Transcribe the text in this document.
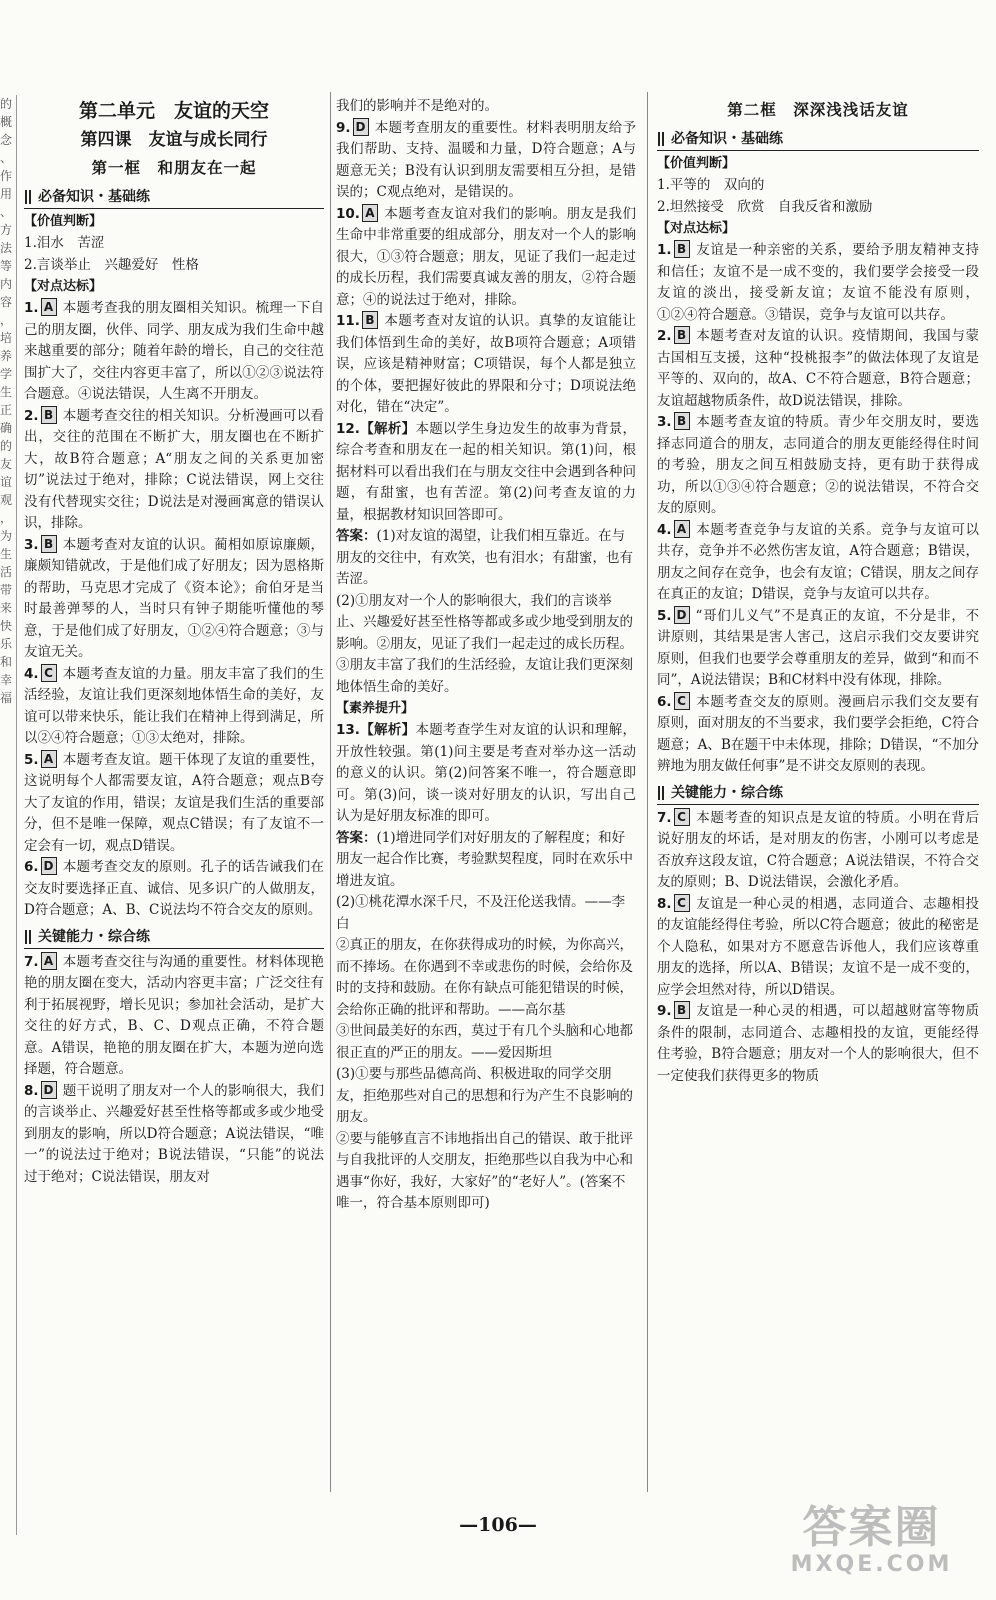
的 概 念 、 作 用 、 方 法 等 内 容 ， 培 养 学 生 正 确 的 友 谊 观 ， 为 生 活 带 来 快 乐 和 幸 福
第二单元　友谊的天空
第四课　友谊与成长同行
第一框　和朋友在一起
必备知识・基础练
【价值判断】

1.泪水　苦涩

2.言谈举止　兴趣爱好　性格

【对点达标】

1. A 本题考查我的朋友圈相关知识。梳理一下自己的朋友圈，伙伴、同学、朋友成为我们生命中越来越重要的部分；随着年龄的增长，自己的交往范围扩大了，交往内容更丰富了，所以①②③说法符合题意。④说法错误，人生离不开朋友。

2. B 本题考查交往的相关知识。分析漫画可以看出，交往的范围在不断扩大，朋友圈也在不断扩大，故B符合题意；A“朋友之间的关系更加密切”说法过于绝对，排除；C说法错误，网上交往没有代替现实交往；D说法是对漫画寓意的错误认识，排除。

3. B 本题考查对友谊的认识。蔺相如原谅廉颇，廉颇知错就改，于是他们成了好朋友；因为恩格斯的帮助，马克思才完成了《资本论》；俞伯牙是当时最善弹琴的人，当时只有钟子期能听懂他的琴意，于是他们成了好朋友，①②④符合题意；③与友谊无关。

4. C 本题考查友谊的力量。朋友丰富了我们的生活经验，友谊让我们更深刻地体悟生命的美好，友谊可以带来快乐，能让我们在精神上得到满足，所以②④符合题意；①③太绝对，排除。

5. A 本题考查友谊。题干体现了友谊的重要性，这说明每个人都需要友谊，A符合题意；观点B夸大了友谊的作用，错误；友谊是我们生活的重要部分，但不是唯一保障，观点C错误；有了友谊不一定会有一切，观点D错误。

6. D 本题考查交友的原则。孔子的话告诫我们在交友时要选择正直、诚信、见多识广的人做朋友，D符合题意；A、B、C说法均不符合交友的原则。

关键能力・综合练

7. A 本题考查交往与沟通的重要性。材料体现艳艳的朋友圈在变大，活动内容更丰富；广泛交往有利于拓展视野，增长见识；参加社会活动，是扩大交往的好方式，B、C、D观点正确，不符合题意。A错误，艳艳的朋友圈在扩大，本题为逆向选择题，符合题意。

8. D 题干说明了朋友对一个人的影响很大，我们的言谈举止、兴趣爱好甚至性格等都或多或少地受到朋友的影响，所以D符合题意；A说法错误，“唯一”的说法过于绝对；B说法错误，“只能”的说法过于绝对；C说法错误，朋友对

我们的影响并不是绝对的。

9. D 本题考查朋友的重要性。材料表明朋友给予我们帮助、支持、温暖和力量，D符合题意；A与题意无关；B没有认识到朋友需要相互分担，是错误的；C观点绝对，是错误的。

10. A 本题考查友谊对我们的影响。朋友是我们生命中非常重要的组成部分，朋友对一个人的影响很大，①③符合题意；朋友，见证了我们一起走过的成长历程，我们需要真诚友善的朋友，②符合题意；④的说法过于绝对，排除。

11. B 本题考查对友谊的认识。真挚的友谊能让我们体悟到生命的美好，故B项符合题意；A项错误，应该是精神财富；C项错误，每个人都是独立的个体，要把握好彼此的界限和分寸；D项说法绝对化，错在“决定”。

12.【解析】本题以学生身边发生的故事为背景，综合考查和朋友在一起的相关知识。第(1)问，根据材料可以看出我们在与朋友交往中会遇到各种问题，有甜蜜，也有苦涩。第(2)问考查友谊的力量，根据教材知识回答即可。

答案：(1)对友谊的渴望，让我们相互靠近。在与朋友的交往中，有欢笑，也有泪水；有甜蜜，也有苦涩。

(2)①朋友对一个人的影响很大，我们的言谈举止、兴趣爱好甚至性格等都或多或少地受到朋友的影响。②朋友，见证了我们一起走过的成长历程。③朋友丰富了我们的生活经验，友谊让我们更深刻地体悟生命的美好。

【素养提升】

13.【解析】本题考查学生对友谊的认识和理解，开放性较强。第(1)问主要是考查对举办这一活动的意义的认识。第(2)问答案不唯一，符合题意即可。第(3)问，谈一谈对好朋友的认识，写出自己认为是好朋友标准的即可。

答案：(1)增进同学们对好朋友的了解程度；和好朋友一起合作比赛，考验默契程度，同时在欢乐中增进友谊。

(2)①桃花潭水深千尺，不及汪伦送我情。——李白

②真正的朋友，在你获得成功的时候，为你高兴，而不捧场。在你遇到不幸或悲伤的时候，会给你及时的支持和鼓励。在你有缺点可能犯错误的时候，会给你正确的批评和帮助。——高尔基

③世间最美好的东西，莫过于有几个头脑和心地都很正直的严正的朋友。——爱因斯坦

(3)①要与那些品德高尚、积极进取的同学交朋友，拒绝那些对自己的思想和行为产生不良影响的朋友。

②要与能够直言不讳地指出自己的错误、敢于批评与自我批评的人交朋友，拒绝那些以自我为中心和遇事“你好，我好，大家好”的“老好人”。(答案不唯一，符合基本原则即可)

第二框　深深浅浅话友谊
必备知识・基础练
【价值判断】

1.平等的　双向的

2.坦然接受　欣赏　自我反省和激励

【对点达标】

1. B 友谊是一种亲密的关系，要给予朋友精神支持和信任；友谊不是一成不变的，我们要学会接受一段友谊的淡出，接受新友谊；友谊不能没有原则，①②④符合题意。③错误，竞争与友谊可以共存。

2. B 本题考查对友谊的认识。疫情期间，我国与蒙古国相互支援，这种“投桃报李”的做法体现了友谊是平等的、双向的，故A、C不符合题意，B符合题意；友谊超越物质条件，故D说法错误，排除。

3. B 本题考查友谊的特质。青少年交朋友时，要选择志同道合的朋友，志同道合的朋友更能经得住时间的考验，朋友之间互相鼓励支持，更有助于获得成功，所以①③④符合题意；②的说法错误，不符合交友的原则。

4. A 本题考查竞争与友谊的关系。竞争与友谊可以共存，竞争并不必然伤害友谊，A符合题意；B错误，朋友之间存在竞争，也会有友谊；C错误，朋友之间存在真正的友谊；D错误，竞争与友谊可以共存。

5. D “哥们儿义气”不是真正的友谊，不分是非，不讲原则，其结果是害人害己，这启示我们交友要讲究原则，但我们也要学会尊重朋友的差异，做到“和而不同”，A说法错误；B和C材料中没有体现，排除。

6. C 本题考查交友的原则。漫画启示我们交友要有原则，面对朋友的不当要求，我们要学会拒绝，C符合题意；A、B在题干中未体现，排除；D错误，“不加分辨地为朋友做任何事”是不讲交友原则的表现。

关键能力・综合练

7. C 本题考查的知识点是友谊的特质。小明在背后说好朋友的坏话，是对朋友的伤害，小刚可以考虑是否放弃这段友谊，C符合题意；A说法错误，不符合交友的原则；B、D说法错误，会激化矛盾。

8. C 友谊是一种心灵的相遇，志同道合、志趣相投的友谊能经得住考验，所以C符合题意；彼此的秘密是个人隐私，如果对方不愿意告诉他人，我们应该尊重朋友的选择，所以A、B错误；友谊不是一成不变的，应学会坦然对待，所以D错误。

9. B 友谊是一种心灵的相遇，可以超越财富等物质条件的限制，志同道合、志趣相投的友谊，更能经得住考验，B符合题意；朋友对一个人的影响很大，但不一定使我们获得更多的物质

—106—	答案圈
MXQE.COM
